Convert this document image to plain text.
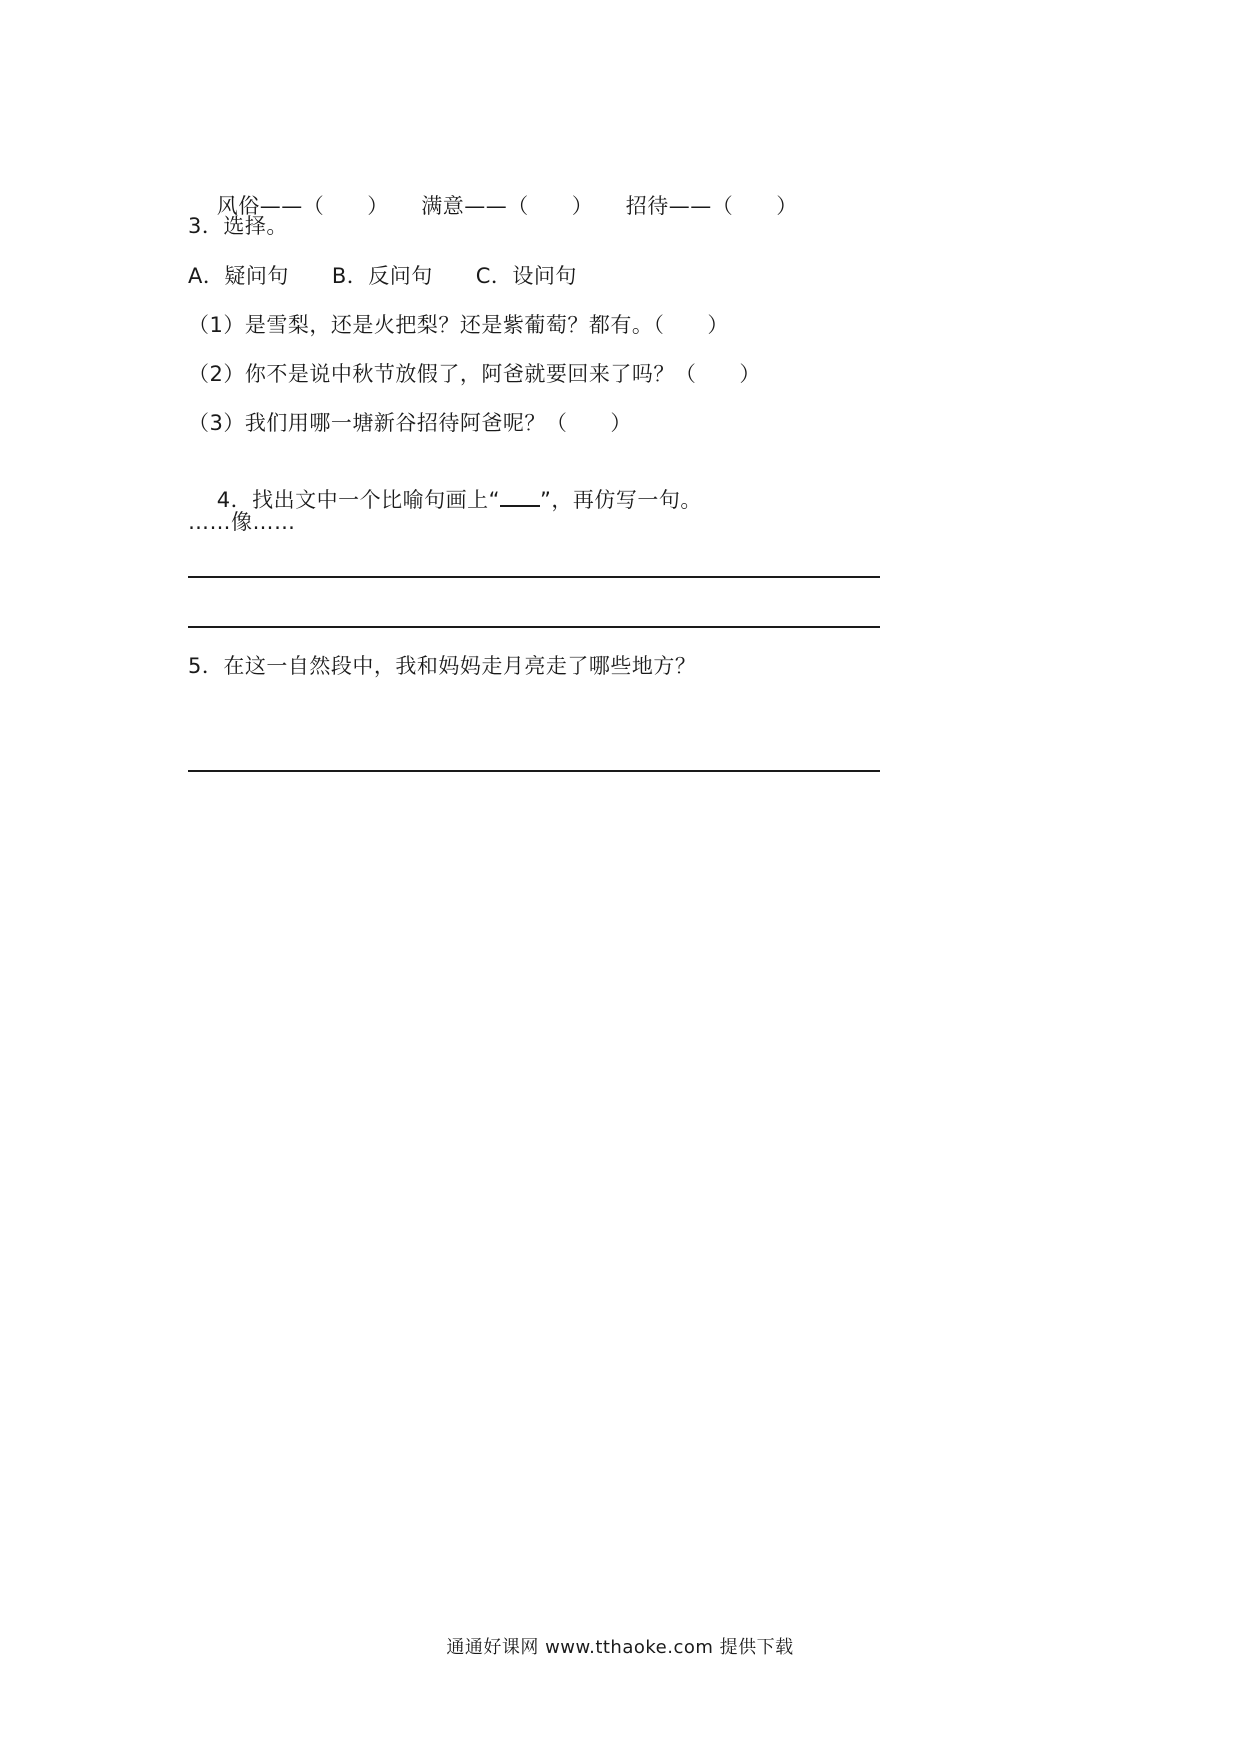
风俗——（　　）　　 满意——（　　）　　 招待——（　　）

3．选择。
A．疑问句　　B．反问句　　C．设问句
（1）是雪梨，还是火把梨？还是紫葡萄？都有。（　　）
（2）你不是说中秋节放假了，阿爸就要回来了吗？（　　）
（3）我们用哪一塘新谷招待阿爸呢？（　　）

4．找出文中一个比喻句画上“ ”，再仿写一句。

……像……
5．在这一自然段中，我和妈妈走月亮走了哪些地方？
通通好课网 www.tthaoke.com 提供下载
